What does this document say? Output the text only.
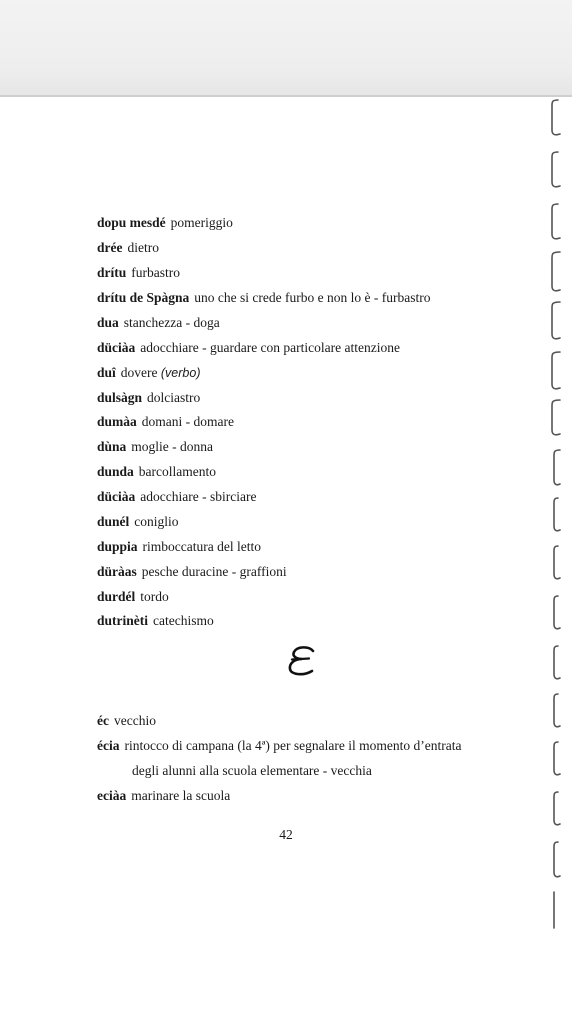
dopu mesdé pomeriggio
drée dietro
drítu furbastro
drítu de Spàgna uno che si crede furbo e non lo è - furbastro
dua stanchezza - doga
düciàa adocchiare - guardare con particolare attenzione
duî dovere (verbo)
dulsàgn dolciastro
dumàa domani - domare
dùna moglie - donna
dunda barcollamento
düciàa adocchiare - sbirciare
dunél coniglio
duppia rimboccatura del letto
düràas pesche duracine - graffioni
durdél tordo
dutrinèti catechismo
éc vecchio
écia rintocco di campana (la 4ª) per segnalare il momento d’entrata
degli alunni alla scuola elementare - vecchia
eciàa marinare la scuola
42
